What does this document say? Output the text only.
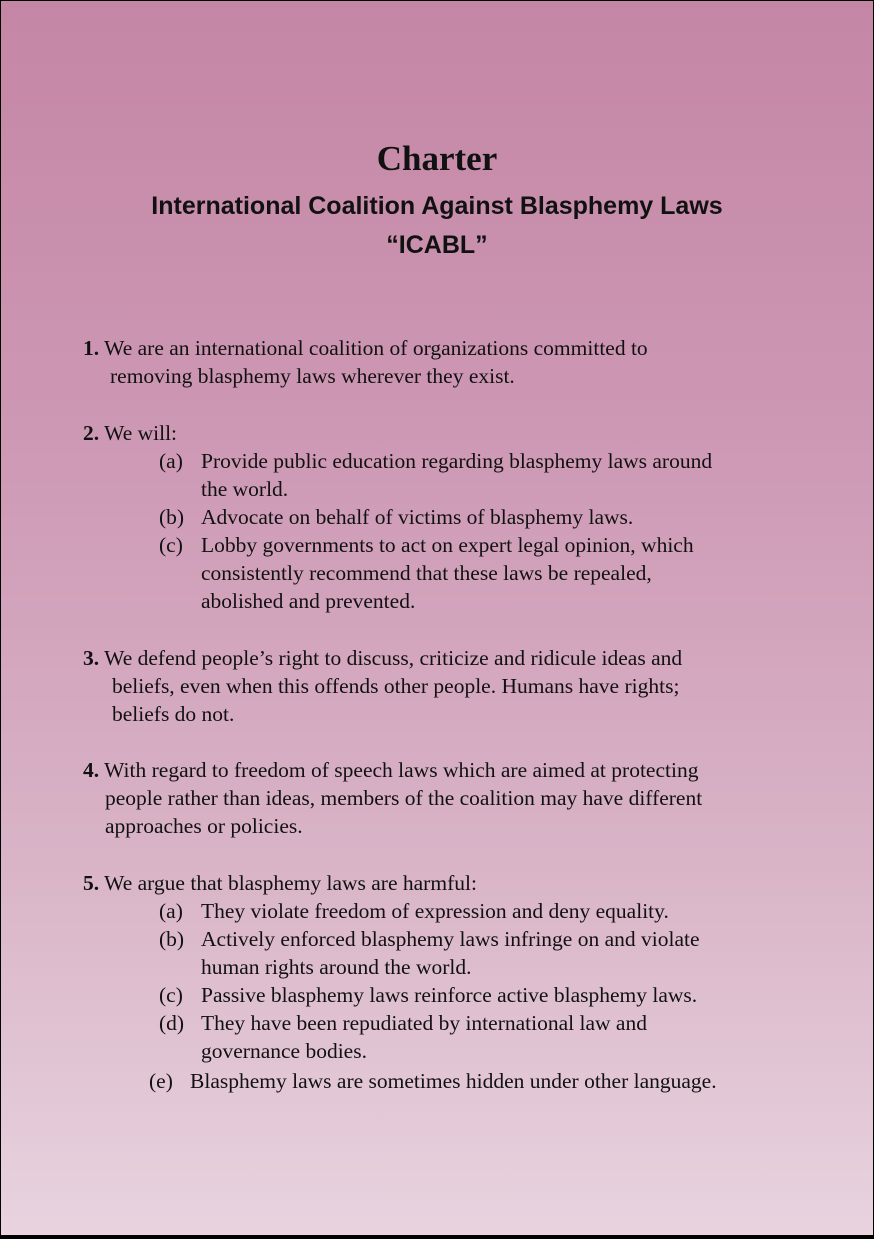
Charter
International Coalition Against Blasphemy Laws
“ICABL”
1. We are an international coalition of organizations committed to
removing blasphemy laws wherever they exist.
2. We will:
(a) Provide public education regarding blasphemy laws around
the world.
(b) Advocate on behalf of victims of blasphemy laws.
(c) Lobby governments to act on expert legal opinion, which
consistently recommend that these laws be repealed,
abolished and prevented.
3. We defend people’s right to discuss, criticize and ridicule ideas and
beliefs, even when this offends other people. Humans have rights;
beliefs do not.
4. With regard to freedom of speech laws which are aimed at protecting
people rather than ideas, members of the coalition may have different
approaches or policies.
5. We argue that blasphemy laws are harmful:
(a) They violate freedom of expression and deny equality.
(b) Actively enforced blasphemy laws infringe on and violate
human rights around the world.
(c) Passive blasphemy laws reinforce active blasphemy laws.
(d) They have been repudiated by international law and
governance bodies.
(e) Blasphemy laws are sometimes hidden under other language.
